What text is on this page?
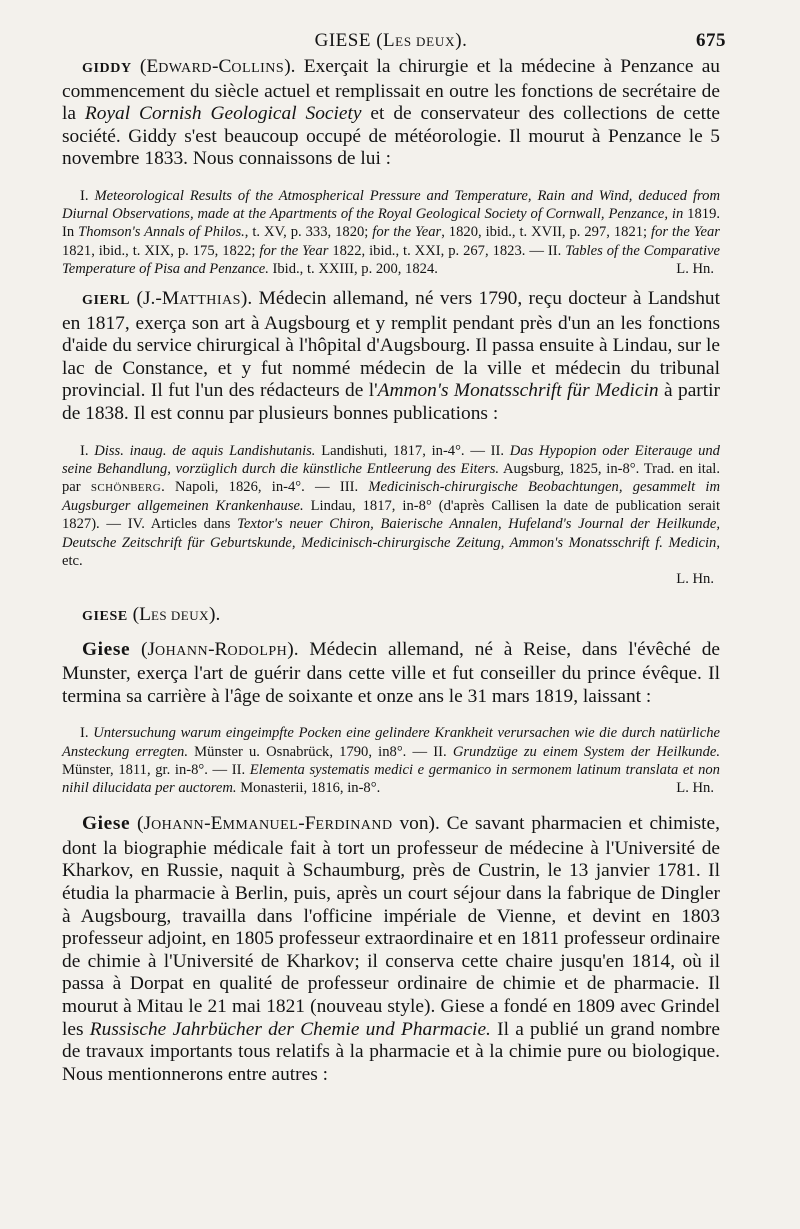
GIESE (LES DEUX).	675
GIDDY (EDWARD-COLLINS). Exerçait la chirurgie et la médecine à Penzance au commencement du siècle actuel et remplissait en outre les fonctions de secrétaire de la Royal Cornish Geological Society et de conservateur des collections de cette société. Giddy s'est beaucoup occupé de météorologie. Il mourut à Penzance le 5 novembre 1833. Nous connaissons de lui :

I. Meteorological Results of the Atmospherical Pressure and Temperature, Rain and Wind, deduced from Diurnal Observations, made at the Apartments of the Royal Geological Society of Cornwall, Penzance, in 1819. In Thomson's Annals of Philos., t. XV, p. 333, 1820; for the Year, 1820, ibid., t. XVII, p. 297, 1821; for the Year 1821, ibid., t. XIX, p. 175, 1822; for the Year 1822, ibid., t. XXI, p. 267, 1823. — II. Tables of the Comparative Temperature of Pisa and Penzance. Ibid., t. XXIII, p. 200, 1824.	L. Hn.
GIERL (J.-MATTHIAS). Médecin allemand, né vers 1790, reçu docteur à Landshut en 1817, exerça son art à Augsbourg et y remplit pendant près d'un an les fonctions d'aide du service chirurgical à l'hôpital d'Augsbourg. Il passa ensuite à Lindau, sur le lac de Constance, et y fut nommé médecin de la ville et médecin du tribunal provincial. Il fut l'un des rédacteurs de l'Ammon's Monatsschrift für Medicin à partir de 1838. Il est connu par plusieurs bonnes publications :

I. Diss. inaug. de aquis Landishutanis. Landishuti, 1817, in-4°. — II. Das Hypopion oder Eiterauge und seine Behandlung, vorzüglich durch die künstliche Entleerung des Eiters. Augsburg, 1825, in-8°. Trad. en ital. par SCHÖNBERG. Napoli, 1826, in-4°. — III. Medicinisch-chirurgische Beobachtungen, gesammelt im Augsburger allgemeinen Krankenhause. Lindau, 1817, in-8° (d'après Callisen la date de publication serait 1827). — IV. Articles dans Textor's neuer Chiron, Baierische Annalen, Hufeland's Journal der Heilkunde, Deutsche Zeitschrift für Geburtskunde, Medicinisch-chirurgische Zeitung, Ammon's Monatsschrift f. Medicin, etc.

L. Hn.
GIESE (LES DEUX).
Giese (JOHANN-RODOLPH). Médecin allemand, né à Reise, dans l'évêché de Munster, exerça l'art de guérir dans cette ville et fut conseiller du prince évêque. Il termina sa carrière à l'âge de soixante et onze ans le 31 mars 1819, laissant :

I. Untersuchung warum eingeimpfte Pocken eine gelindere Krankheit verursachen wie die durch natürliche Ansteckung erregten. Münster u. Osnabrück, 1790, in8°. — II. Grundzüge zu einem System der Heilkunde. Münster, 1811, gr. in-8°. — II. Elementa systematis medici e germanico in sermonem latinum translata et non nihil dilucidata per auctorem. Monasterii, 1816, in-8°.	L. Hn.
Giese (JOHANN-EMMANUEL-FERDINAND von). Ce savant pharmacien et chimiste, dont la biographie médicale fait à tort un professeur de médecine à l'Université de Kharkov, en Russie, naquit à Schaumburg, près de Custrin, le 13 janvier 1781. Il étudia la pharmacie à Berlin, puis, après un court séjour dans la fabrique de Dingler à Augsbourg, travailla dans l'officine impériale de Vienne, et devint en 1803 professeur adjoint, en 1805 professeur extraordinaire et en 1811 professeur ordinaire de chimie à l'Université de Kharkov; il conserva cette chaire jusqu'en 1814, où il passa à Dorpat en qualité de professeur ordinaire de chimie et de pharmacie. Il mourut à Mitau le 21 mai 1821 (nouveau style). Giese a fondé en 1809 avec Grindel les Russische Jahrbücher der Chemie und Pharmacie. Il a publié un grand nombre de travaux importants tous relatifs à la pharmacie et à la chimie pure ou biologique. Nous mentionnerons entre autres :
